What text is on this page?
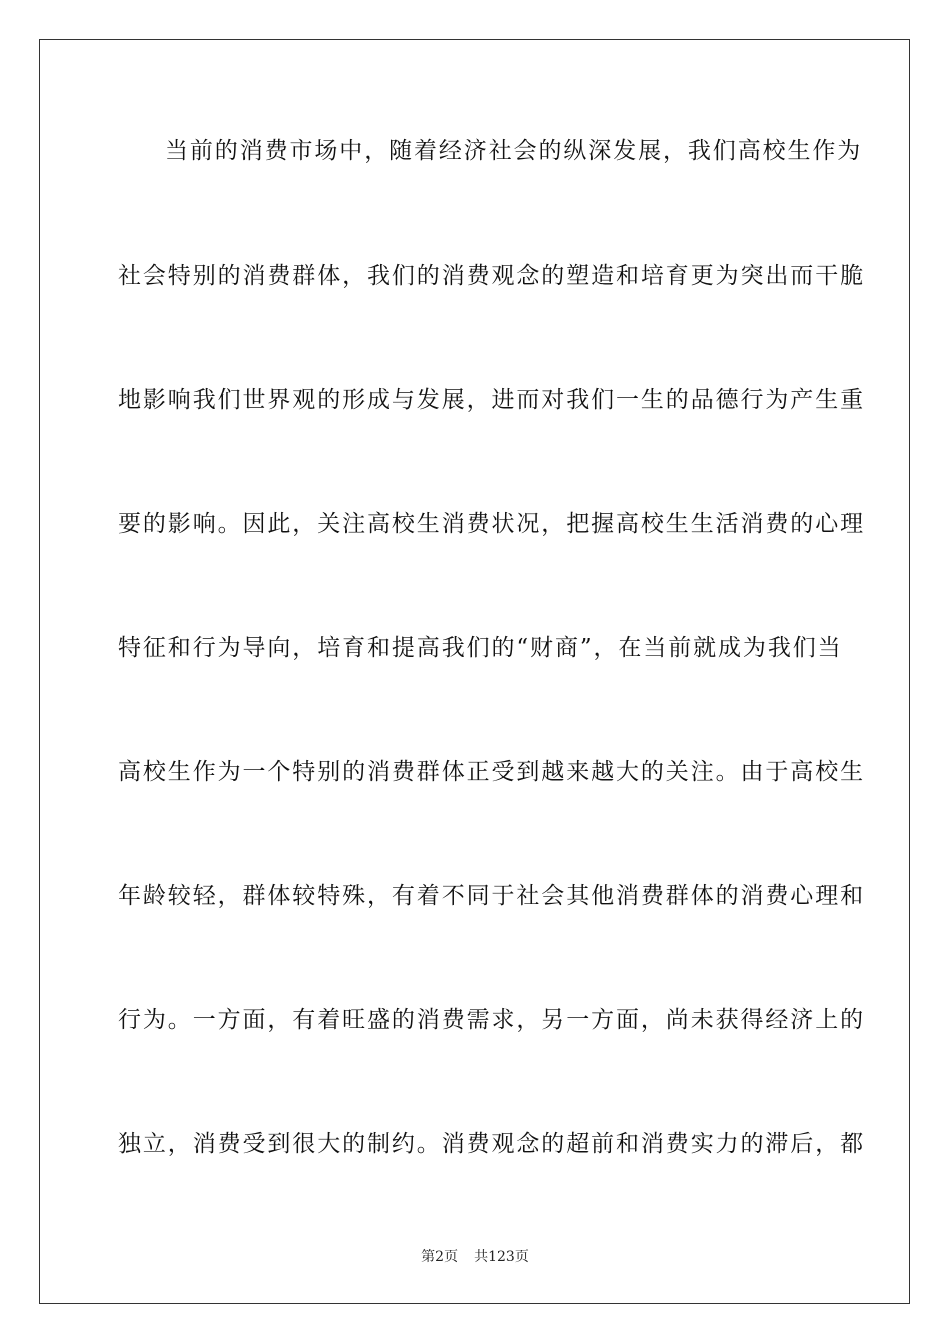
当前的消费市场中，随着经济社会的纵深发展，我们高校生作为
社会特别的消费群体，我们的消费观念的塑造和培育更为突出而干脆
地影响我们世界观的形成与发展，进而对我们一生的品德行为产生重
要的影响。因此，关注高校生消费状况，把握高校生生活消费的心理
特征和行为导向，培育和提高我们的“财商”，在当前就成为我们当
高校生作为一个特别的消费群体正受到越来越大的关注。由于高校生
年龄较轻，群体较特殊，有着不同于社会其他消费群体的消费心理和
行为。一方面，有着旺盛的消费需求，另一方面，尚未获得经济上的
独立，消费受到很大的制约。消费观念的超前和消费实力的滞后，都
第2页 共123页
